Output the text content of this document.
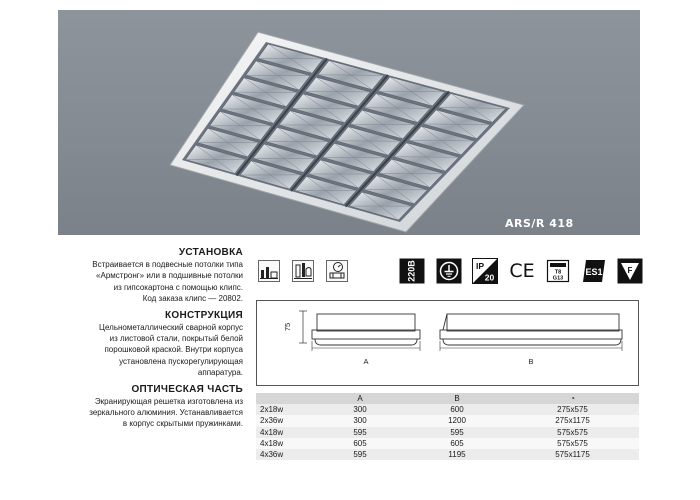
ARS/R 418
УСТАНОВКА
Встраивается в подвесные потолки типа
«Армстронг» или в подшивные потолки
из гипсокартона с помощью клипс.
Код заказа клипс — 20802.
КОНСТРУКЦИЯ
Цельнометаллический сварной корпус
из листовой стали, покрытый белой
порошковой краской. Внутри корпуса
установлена пускорегулирующая
аппаратура.
ОПТИЧЕСКАЯ ЧАСТЬ
Экранирующая решетка изготовлена из
зеркального алюминия. Устанавливается
в корпус скрытыми пружинками.
220В	IP
20 CE	T8
G13
ES1	F
75
A	B
	A	B	◔
2x18w	300	600	275x575
2x36w	300	1200	275x1175
4x18w	595	595	575x575
4x18w	605	605	575x575
4x36w	595	1195	575x1175
